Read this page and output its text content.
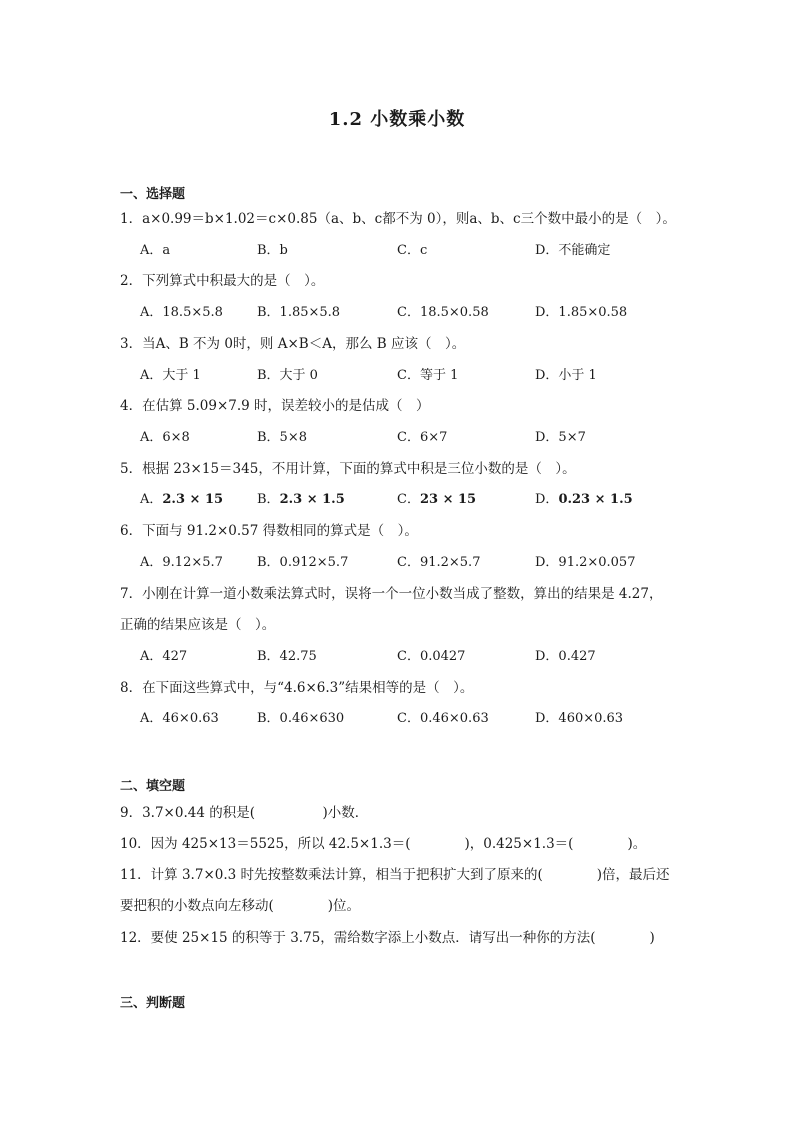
1.2 小数乘小数
一、选择题
1．a×0.99＝b×1.02＝c×0.85（a、b、c都不为 0），则a、b、c三个数中最小的是（　）。
A．a	B．b	C．c	D．不能确定
2．下列算式中积最大的是（　）。
A．18.5×5.8	B．1.85×5.8	C．18.5×0.58	D．1.85×0.58
3．当A、B 不为 0时，则 A×B＜A，那么 B 应该（　）。
A．大于 1	B．大于 0	C．等于 1	D．小于 1
4．在估算 5.09×7.9 时，误差较小的是估成（　）
A．6×8	B．5×8	C．6×7	D．5×7
5．根据 23×15＝345，不用计算，下面的算式中积是三位小数的是（　）。
A．2.3 × 15	B．2.3 × 1.5	C．23 × 15	D．0.23 × 1.5
6．下面与 91.2×0.57 得数相同的算式是（　）。
A．9.12×5.7	B．0.912×5.7	C．91.2×5.7	D．91.2×0.057
7．小刚在计算一道小数乘法算式时，误将一个一位小数当成了整数，算出的结果是 4.27，
正确的结果应该是（　）。
A．427	B．42.75	C．0.0427	D．0.427
8．在下面这些算式中，与“4.6×6.3”结果相等的是（　）。
A．46×0.63	B．0.46×630	C．0.46×0.63	D．460×0.63
二、填空题
9．3.7×0.44 的积是(　　　　　)小数．
10．因为 425×13＝5525，所以 42.5×1.3＝(　　　　)，0.425×1.3＝(　　　　)。
11．计算 3.7×0.3 时先按整数乘法计算，相当于把积扩大到了原来的(　　　　)倍，最后还
要把积的小数点向左移动(　　　　)位。
12．要使 25×15 的积等于 3.75，需给数字添上小数点．请写出一种你的方法(　　　　)
三、判断题
